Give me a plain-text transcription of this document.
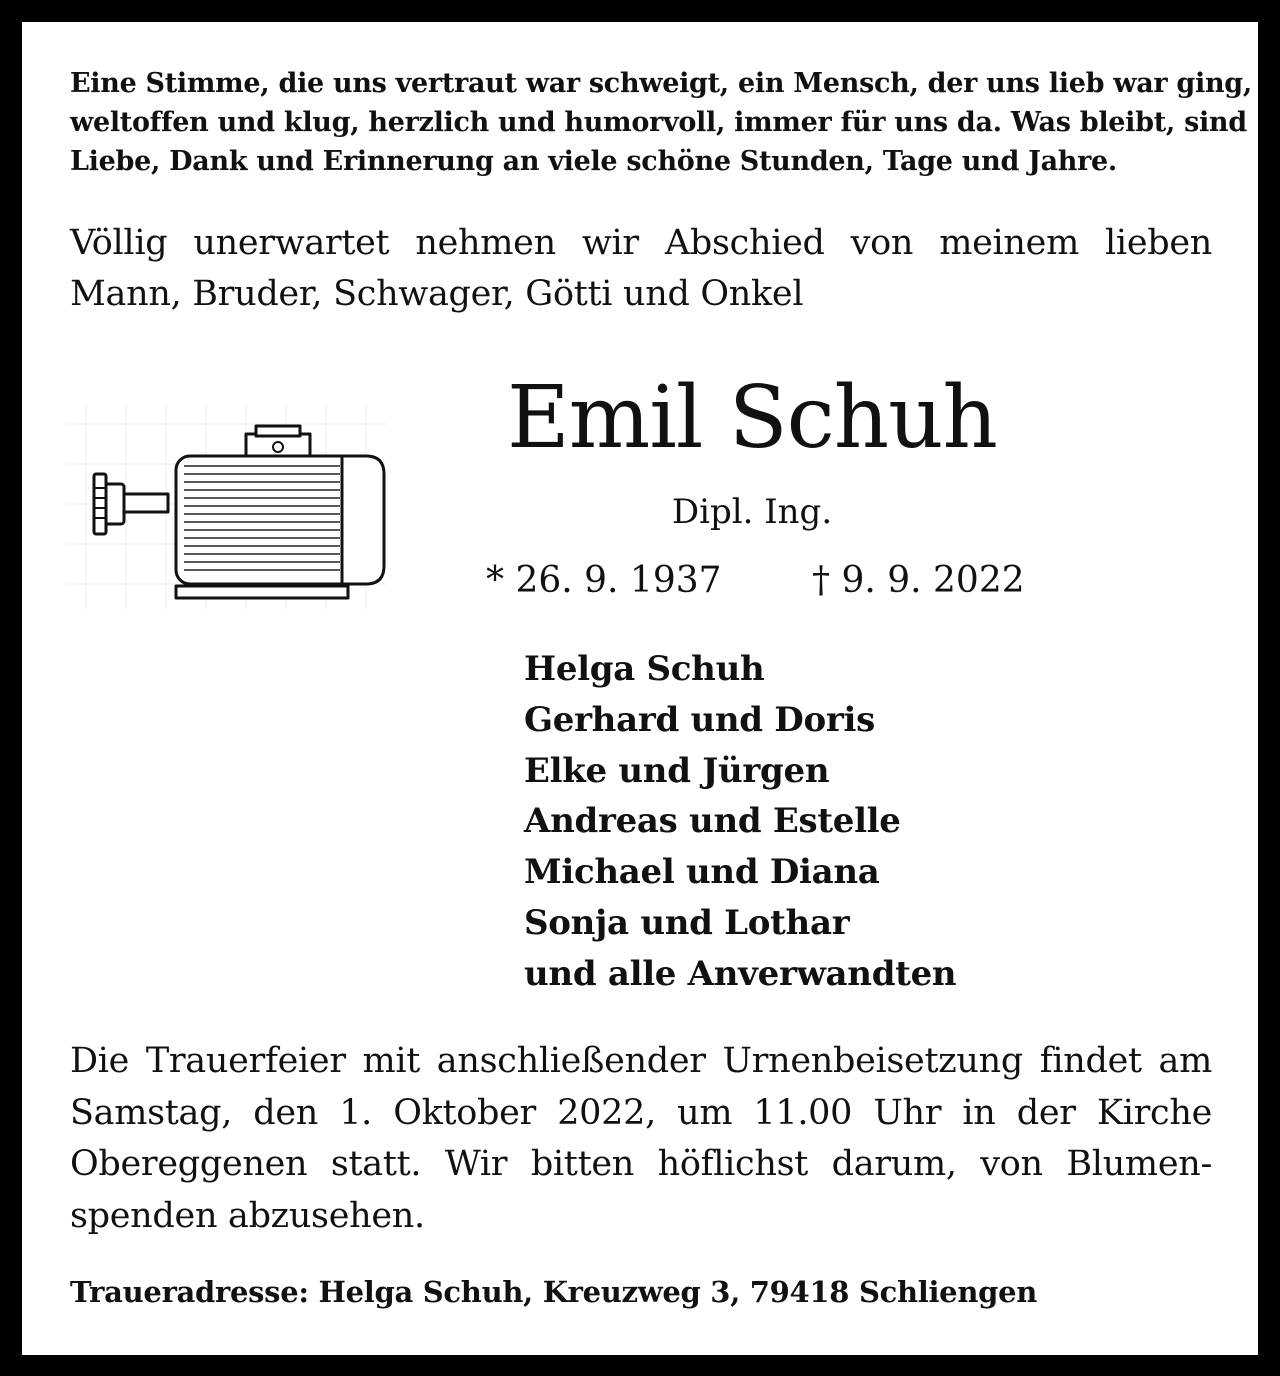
Eine Stimme, die uns vertraut war schweigt, ein Mensch, der uns lieb war ging,
weltoffen und klug, herzlich und humorvoll, immer für uns da. Was bleibt, sind
Liebe, Dank und Erinnerung an viele schöne Stunden, Tage und Jahre.
Völlig unerwartet nehmen wir Abschied von meinem lieben
Mann, Bruder, Schwager, Götti und Onkel
Emil Schuh
Dipl. Ing.
* 26. 9. 1937	† 9. 9. 2022
Helga Schuh
Gerhard und Doris
Elke und Jürgen
Andreas und Estelle
Michael und Diana
Sonja und Lothar
und alle Anverwandten
Die Trauerfeier mit anschließender Urnenbeisetzung findet am
Samstag, den 1. Oktober 2022, um 11.00 Uhr in der Kirche
Obereggenen statt. Wir bitten höflichst darum, von Blumen-
spenden abzusehen.
Traueradresse: Helga Schuh, Kreuzweg 3, 79418 Schliengen
